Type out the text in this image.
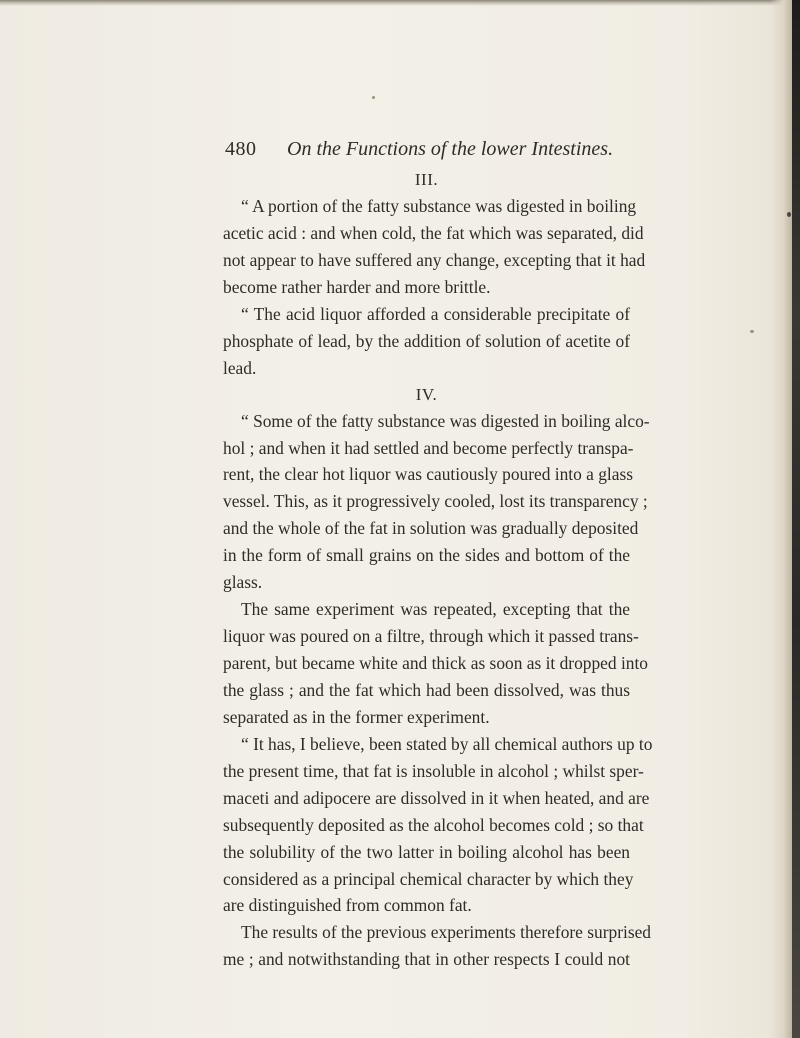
480 On the Functions of the lower Intestines.
III.
“ A portion of the fatty substance was digested in boiling
acetic acid : and when cold, the fat which was separated, did
not appear to have suffered any change, excepting that it had
become rather harder and more brittle.
“ The acid liquor afforded a considerable precipitate of
phosphate of lead, by the addition of solution of acetite of
lead.
IV.
“ Some of the fatty substance was digested in boiling alco-
hol ; and when it had settled and become perfectly transpa-
rent, the clear hot liquor was cautiously poured into a glass
vessel. This, as it progressively cooled, lost its transparency ;
and the whole of the fat in solution was gradually deposited
in the form of small grains on the sides and bottom of the
glass.
The same experiment was repeated, excepting that the
liquor was poured on a filtre, through which it passed trans-
parent, but became white and thick as soon as it dropped into
the glass ; and the fat which had been dissolved, was thus
separated as in the former experiment.
“ It has, I believe, been stated by all chemical authors up to
the present time, that fat is insoluble in alcohol ; whilst sper-
maceti and adipocere are dissolved in it when heated, and are
subsequently deposited as the alcohol becomes cold ; so that
the solubility of the two latter in boiling alcohol has been
considered as a principal chemical character by which they
are distinguished from common fat.
The results of the previous experiments therefore surprised
me ; and notwithstanding that in other respects I could not
